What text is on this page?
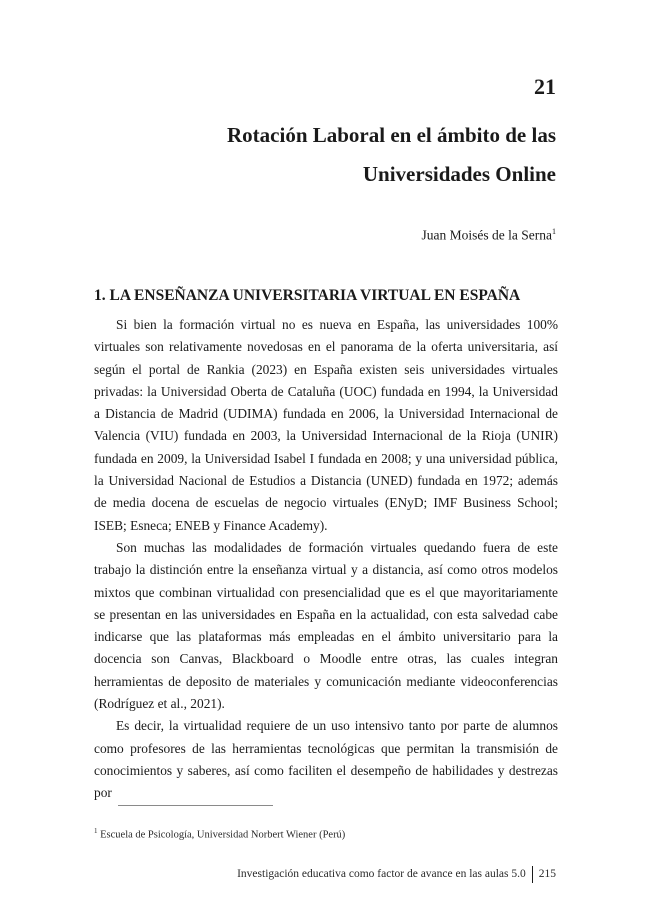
21
Rotación Laboral en el ámbito de las
Universidades Online
Juan Moisés de la Serna$^1$
1. LA ENSEÑANZA UNIVERSITARIA VIRTUAL EN ESPAÑA

Si bien la formación virtual no es nueva en España, las universidades 100% virtuales son relativamente novedosas en el panorama de la oferta universitaria, así según el portal de Rankia (2023) en España existen seis universidades virtuales privadas: la Universidad Oberta de Cataluña (UOC) fundada en 1994, la Universidad a Distancia de Madrid (UDIMA) fundada en 2006, la Universidad Internacional de Valencia (VIU) fundada en 2003, la Universidad Internacional de la Rioja (UNIR) fundada en 2009, la Universidad Isabel I fundada en 2008; y una universidad pública, la Universidad Nacional de Estudios a Distancia (UNED) fundada en 1972; además de media docena de escuelas de negocio virtuales (ENyD; IMF Business School; ISEB; Esneca; ENEB y Finance Academy).

Son muchas las modalidades de formación virtuales quedando fuera de este trabajo la distinción entre la enseñanza virtual y a distancia, así como otros modelos mixtos que combinan virtualidad con presencialidad que es el que mayoritariamente se presentan en las universidades en España en la actualidad, con esta salvedad cabe indicarse que las plataformas más empleadas en el ámbito universitario para la docencia son Canvas, Blackboard o Moodle entre otras, las cuales integran herramientas de deposito de materiales y comunicación mediante videoconferencias (Rodríguez et al., 2021).

Es decir, la virtualidad requiere de un uso intensivo tanto por parte de alumnos como profesores de las herramientas tecnológicas que permitan la transmisión de conocimientos y saberes, así como faciliten el desempeño de habilidades y destrezas por

$^1$ Escuela de Psicología, Universidad Norbert Wiener (Perú)
Investigación educativa como factor de avance en las aulas 5.0 215
